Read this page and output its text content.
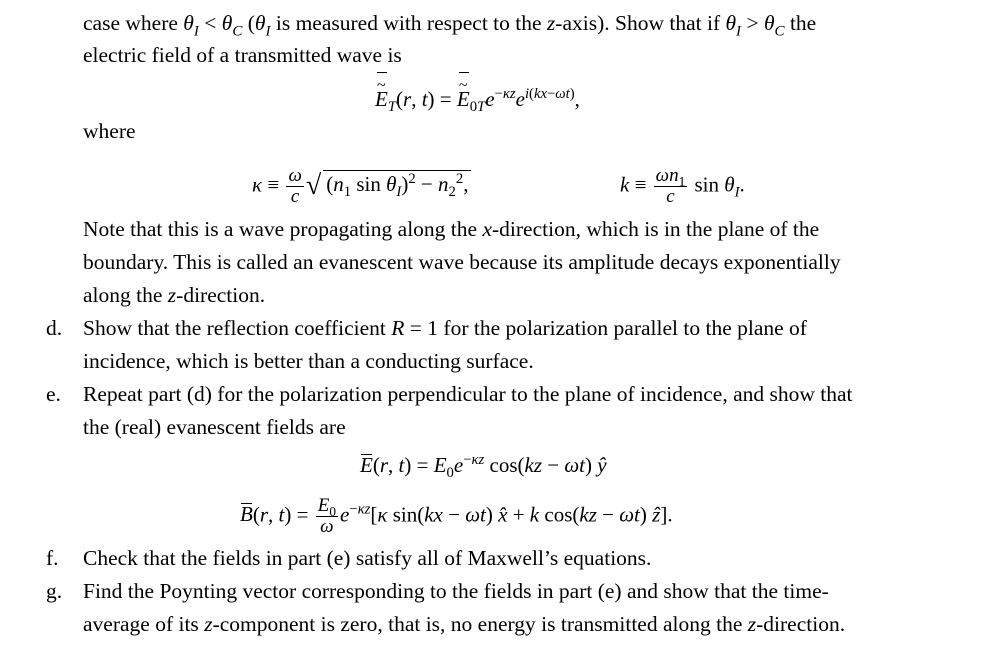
case where $\theta_I < \theta_C$ ($\theta_I$ is measured with respect to the z-axis). Show that if $\theta_I > \theta_C$ the
electric field of a transmitted wave is
~ $E_T(r$, t) = ~ $E_{0T}e^{-\kappa z}e^{i(kx-\omega t)}$,
where
$\kappa \equiv \frac{\omega}{c}$ √ ($n_1$ $\sin \theta_I)^2 - n_2^2$,	$k \equiv \frac{\omega n_1}{c}$ $\sin \theta_I$.
Note that this is a wave propagating along the x-direction, which is in the plane of the
boundary. This is called an evanescent wave because its amplitude decays exponentially
along the z-direction.
d. Show that the reflection coefficient R = 1 for the polarization parallel to the plane of
incidence, which is better than a conducting surface.
e. Repeat part (d) for the polarization perpendicular to the plane of incidence, and show that
the (real) evanescent fields are
E(r, $t) = E_0e^{-\kappa z}$ cos(kz − ωt) ŷ
B(r, $t) = \frac{E_0}{\omega} e^{-\kappa z}[\kappa$ sin(kx − ωt) x̂ + k cos(kz − ωt) ẑ].
f. Check that the fields in part (e) satisfy all of Maxwell’s equations.
g. Find the Poynting vector corresponding to the fields in part (e) and show that the time-
average of its z-component is zero, that is, no energy is transmitted along the z-direction.
